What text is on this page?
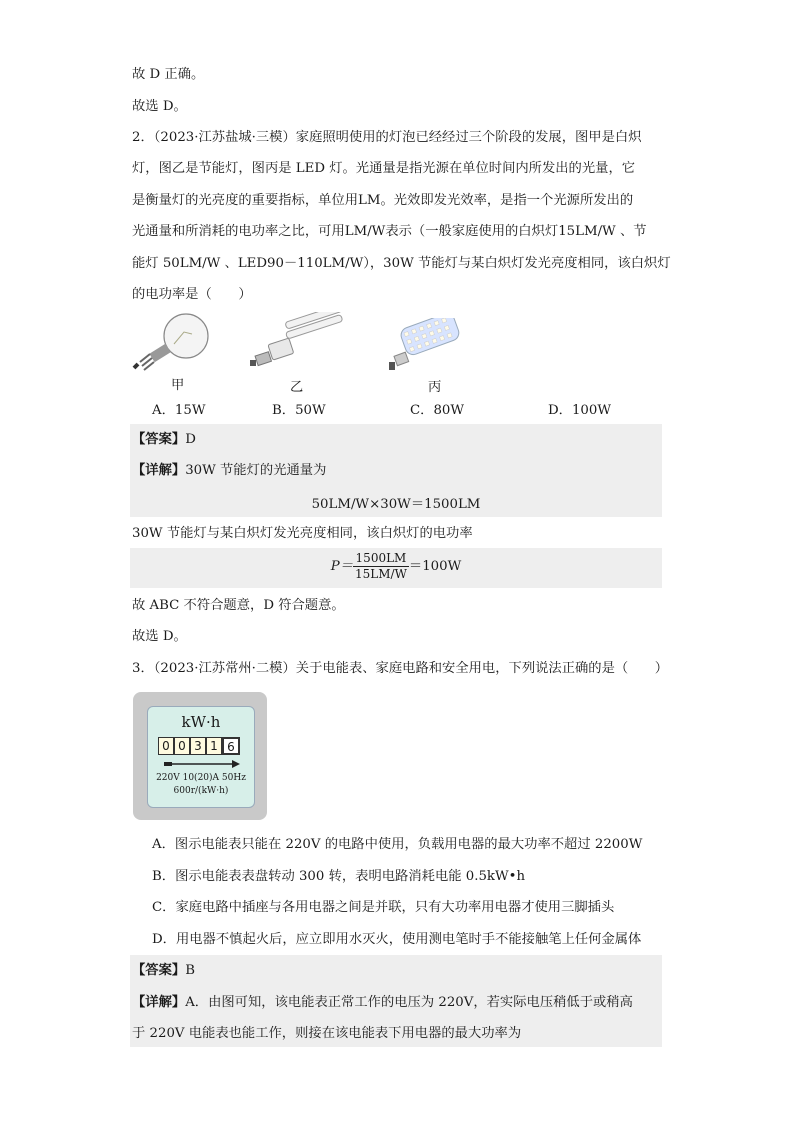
故 D 正确。
故选 D。
2．（2023·江苏盐城·三模）家庭照明使用的灯泡已经经过三个阶段的发展，图甲是白炽
灯，图乙是节能灯，图丙是 LED 灯。光通量是指光源在单位时间内所发出的光量，它
是衡量灯的光亮度的重要指标，单位用LM。光效即发光效率，是指一个光源所发出的
光通量和所消耗的电功率之比，可用LM/W表示（一般家庭使用的白炽灯15LM/W 、节
能灯 50LM/W 、LED90－110LM/W），30W 节能灯与某白炽灯发光亮度相同，该白炽灯
的电功率是（　　）
甲	乙	丙
A．15W	B．50W	C．80W	D．100W
【答案】D
【详解】30W 节能灯的光通量为
50LM/W×30W＝1500LM
30W 节能灯与某白炽灯发光亮度相同，该白炽灯的电功率
$P= \frac{1500LM}{15LM/W} =100W$
故 ABC 不符合题意，D 符合题意。
故选 D。
3．（2023·江苏常州·二模）关于电能表、家庭电路和安全用电，下列说法正确的是（　　）
kW·h
0 0 3 1 6
220V 10(20)A 50Hz
600r/(kW·h)
A．图示电能表只能在 220V 的电路中使用，负载用电器的最大功率不超过 2200W
B．图示电能表表盘转动 300 转，表明电路消耗电能 0.5kW•h
C．家庭电路中插座与各用电器之间是并联，只有大功率用电器才使用三脚插头
D．用电器不慎起火后，应立即用水灭火，使用测电笔时手不能接触笔上任何金属体
【答案】B
【详解】A．由图可知，该电能表正常工作的电压为 220V，若实际电压稍低于或稍高
于 220V 电能表也能工作，则接在该电能表下用电器的最大功率为
